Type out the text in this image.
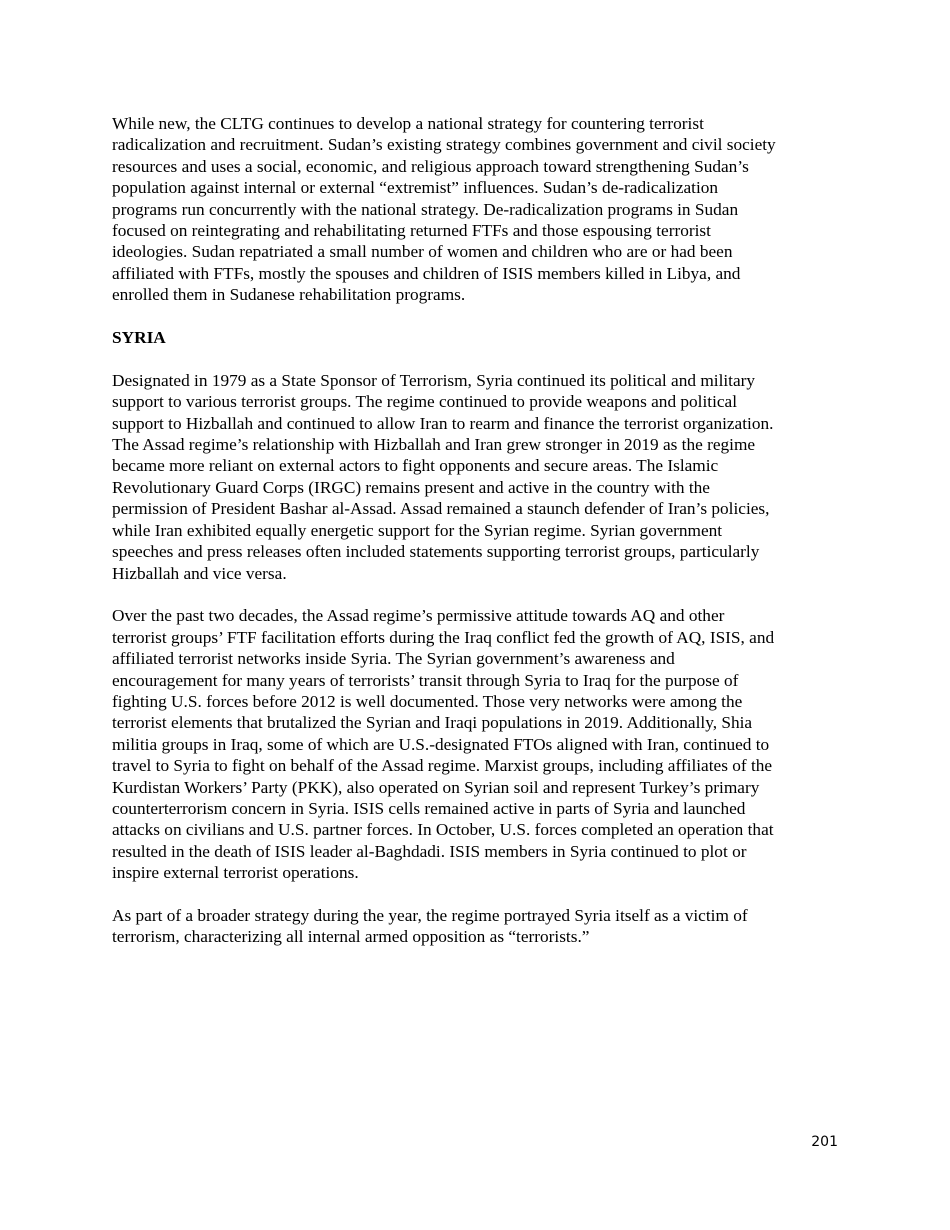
While new, the CLTG continues to develop a national strategy for countering terrorist
radicalization and recruitment. Sudan’s existing strategy combines government and civil society
resources and uses a social, economic, and religious approach toward strengthening Sudan’s
population against internal or external “extremist” influences. Sudan’s de-radicalization
programs run concurrently with the national strategy. De-radicalization programs in Sudan
focused on reintegrating and rehabilitating returned FTFs and those espousing terrorist
ideologies. Sudan repatriated a small number of women and children who are or had been
affiliated with FTFs, mostly the spouses and children of ISIS members killed in Libya, and
enrolled them in Sudanese rehabilitation programs.

SYRIA

Designated in 1979 as a State Sponsor of Terrorism, Syria continued its political and military
support to various terrorist groups. The regime continued to provide weapons and political
support to Hizballah and continued to allow Iran to rearm and finance the terrorist organization.
The Assad regime’s relationship with Hizballah and Iran grew stronger in 2019 as the regime
became more reliant on external actors to fight opponents and secure areas. The Islamic
Revolutionary Guard Corps (IRGC) remains present and active in the country with the
permission of President Bashar al-Assad. Assad remained a staunch defender of Iran’s policies,
while Iran exhibited equally energetic support for the Syrian regime. Syrian government
speeches and press releases often included statements supporting terrorist groups, particularly
Hizballah and vice versa.

Over the past two decades, the Assad regime’s permissive attitude towards AQ and other
terrorist groups’ FTF facilitation efforts during the Iraq conflict fed the growth of AQ, ISIS, and
affiliated terrorist networks inside Syria. The Syrian government’s awareness and
encouragement for many years of terrorists’ transit through Syria to Iraq for the purpose of
fighting U.S. forces before 2012 is well documented. Those very networks were among the
terrorist elements that brutalized the Syrian and Iraqi populations in 2019. Additionally, Shia
militia groups in Iraq, some of which are U.S.-designated FTOs aligned with Iran, continued to
travel to Syria to fight on behalf of the Assad regime. Marxist groups, including affiliates of the
Kurdistan Workers’ Party (PKK), also operated on Syrian soil and represent Turkey’s primary
counterterrorism concern in Syria. ISIS cells remained active in parts of Syria and launched
attacks on civilians and U.S. partner forces. In October, U.S. forces completed an operation that
resulted in the death of ISIS leader al-Baghdadi. ISIS members in Syria continued to plot or
inspire external terrorist operations.

As part of a broader strategy during the year, the regime portrayed Syria itself as a victim of
terrorism, characterizing all internal armed opposition as “terrorists.”

201
